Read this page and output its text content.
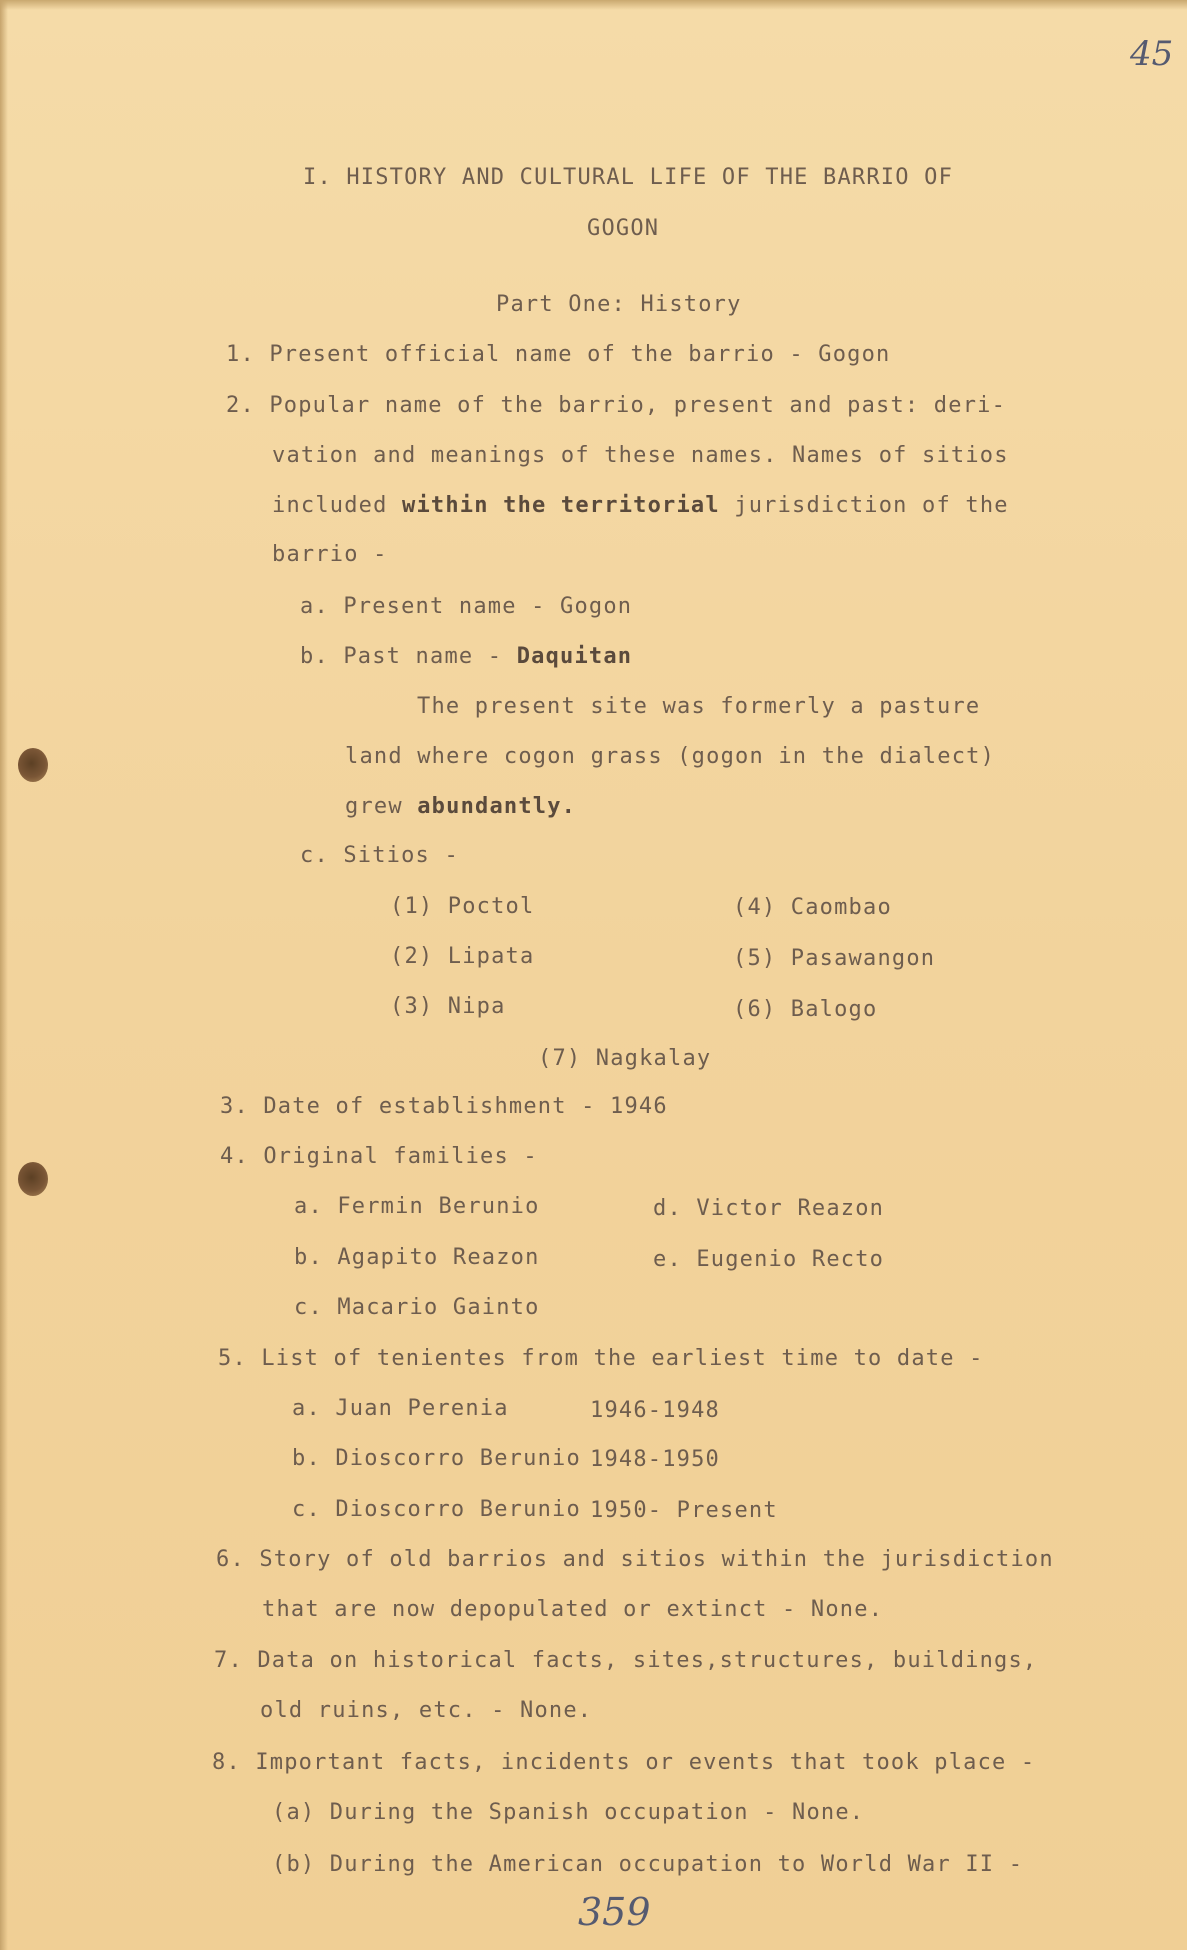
45
I. HISTORY AND CULTURAL LIFE OF THE BARRIO OF
GOGON
Part One: History
1. Present official name of the barrio - Gogon
2. Popular name of the barrio, present and past: deri-
vation and meanings of these names. Names of sitios
included within the territorial jurisdiction of the
barrio -
a. Present name - Gogon
b. Past name - Daquitan
The present site was formerly a pasture
land where cogon grass (gogon in the dialect)
grew abundantly.
c. Sitios -
(1) Poctol
(2) Lipata
(3) Nipa
(4) Caombao
(5) Pasawangon
(6) Balogo
(7) Nagkalay
3. Date of establishment - 1946
4. Original families -
a. Fermin Berunio
b. Agapito Reazon
c. Macario Gainto
d. Victor Reazon
e. Eugenio Recto
5. List of tenientes from the earliest time to date -
a. Juan Perenia	1946-1948
b. Dioscorro Berunio 1948-1950
c. Dioscorro Berunio 1950- Present
6. Story of old barrios and sitios within the jurisdiction
that are now depopulated or extinct - None.
7. Data on historical facts, sites,structures, buildings,
old ruins, etc. - None.
8. Important facts, incidents or events that took place -
(a) During the Spanish occupation - None.
(b) During the American occupation to World War II -
359
